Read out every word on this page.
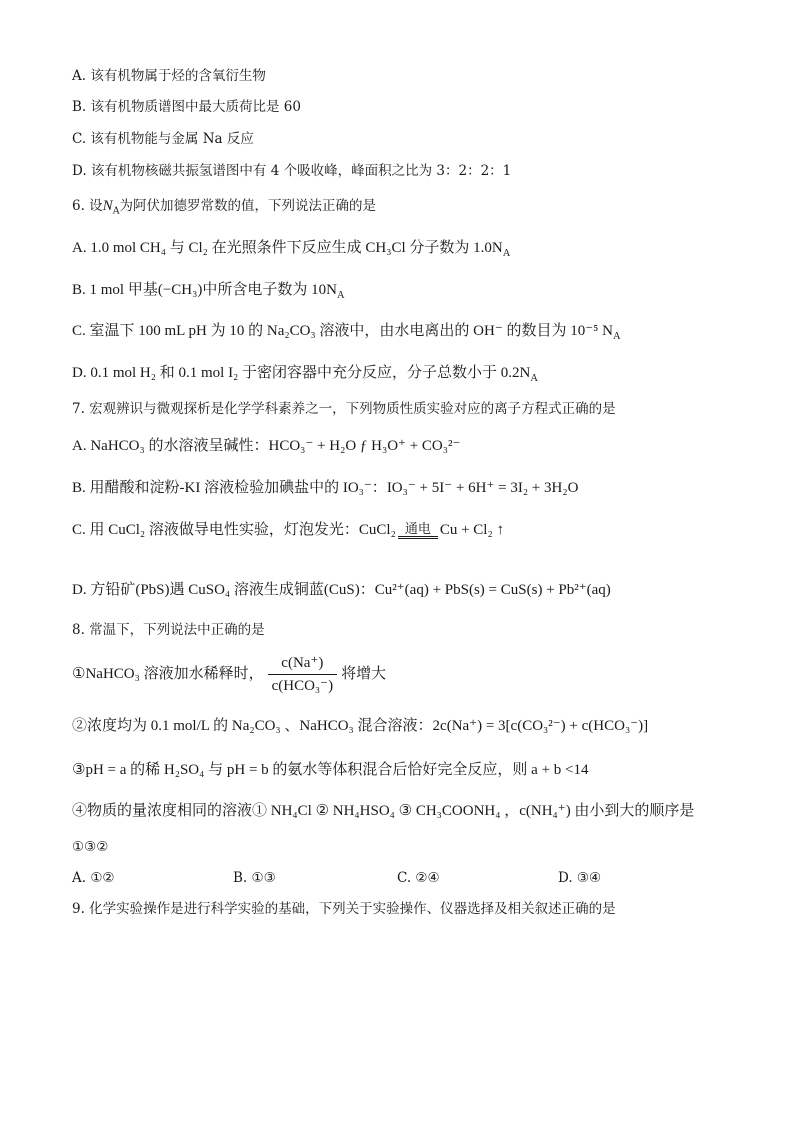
A. 该有机物属于烃的含氧衍生物
B. 该有机物质谱图中最大质荷比是 60
C. 该有机物能与金属 Na 反应
D. 该有机物核磁共振氢谱图中有 4 个吸收峰，峰面积之比为 3：2：2：1
6. 设$N_A$为阿伏加德罗常数的值，下列说法正确的是
A. 1.0 mol CH₄ 与 Cl₂ 在光照条件下反应生成 CH₃Cl 分子数为 $1.0N_A$
B. 1 mol 甲基(−CH₃)中所含电子数为 $10N_A$
C. 室温下 100 mL pH 为 10 的 Na₂CO₃ 溶液中，由水电离出的 OH⁻ 的数目为 10⁻⁵ $N_A$
D. 0.1 mol H₂ 和 0.1 mol I₂ 于密闭容器中充分反应，分子总数小于 $0.2N_A$
7. 宏观辨识与微观探析是化学学科素养之一，下列物质性质实验对应的离子方程式正确的是
A. NaHCO₃ 的水溶液呈碱性：HCO₃⁻ + H₂O ƒ H₃O⁺ + CO₃²⁻
B. 用醋酸和淀粉-KI 溶液检验加碘盐中的 IO₃⁻：IO₃⁻ + 5I⁻ + 6H⁺ = 3I₂ + 3H₂O
C. 用 CuCl₂ 溶液做导电性实验，灯泡发光：CuCl₂ 通电 Cu + Cl₂ ↑
D. 方铅矿(PbS)遇 CuSO₄ 溶液生成铜蓝(CuS)：Cu²⁺(aq) + PbS(s) = CuS(s) + Pb²⁺(aq)
8. 常温下，下列说法中正确的是
①NaHCO₃ 溶液加水稀释时， $\frac{c(Na^+)}{\text{c(HCO₃⁻)}}$ 将增大
②浓度均为 0.1 mol/L 的 Na₂CO₃ 、NaHCO₃ 混合溶液：2c(Na⁺) = 3[c(CO₃²⁻) + c(HCO₃⁻)]
③pH = a 的稀 H₂SO₄ 与 pH = b 的氨水等体积混合后恰好完全反应，则 a + b <14
④物质的量浓度相同的溶液① NH₄Cl ② NH₄HSO₄ ③ CH₃COONH₄ ，c(NH₄⁺) 由小到大的顺序是
①③②
A. ①②	B. ①③	C. ②④	D. ③④
9. 化学实验操作是进行科学实验的基础，下列关于实验操作、仪器选择及相关叙述正确的是
